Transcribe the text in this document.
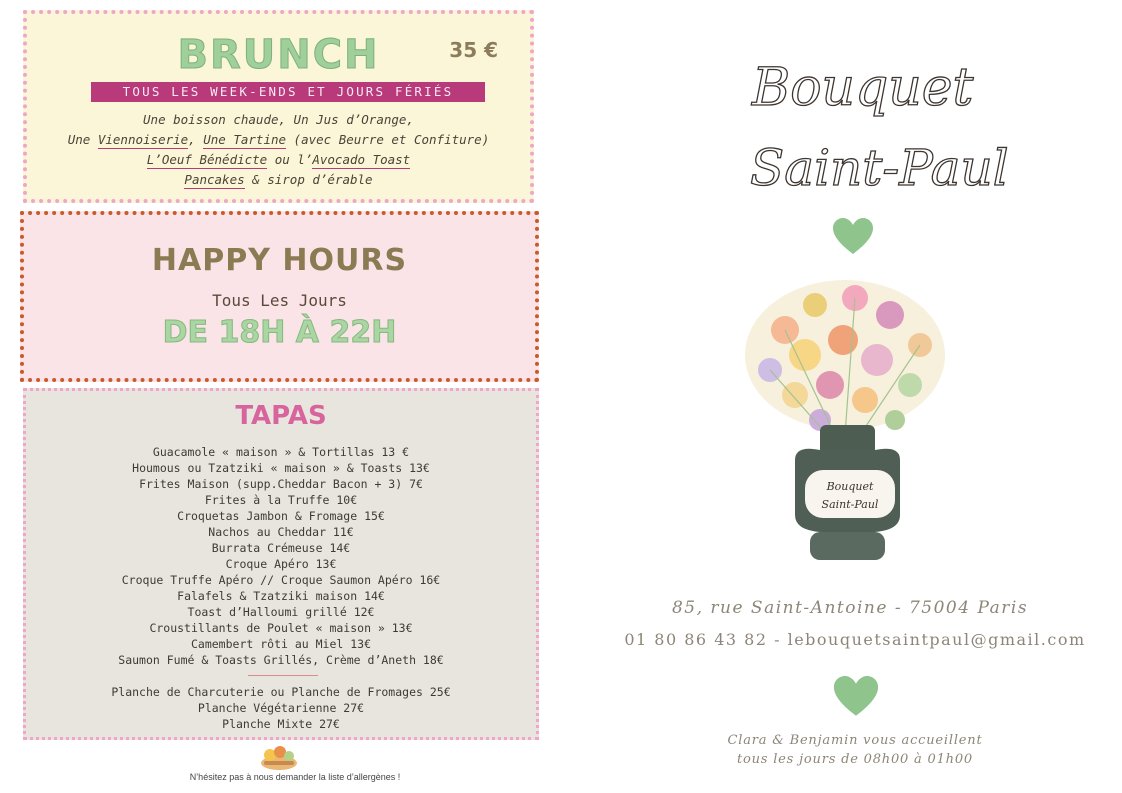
BRUNCH	35 €
TOUS LES WEEK-ENDS ET JOURS FÉRIÉS
Une boisson chaude, Un Jus d’Orange,
Une Viennoiserie, Une Tartine (avec Beurre et Confiture)
L’Oeuf Bénédicte ou l’Avocado Toast
Pancakes & sirop d’érable
HAPPY HOURS
Tous Les Jours
DE 18H À 22H
TAPAS
Guacamole « maison » & Tortillas 13 €
Houmous ou Tzatziki « maison » & Toasts 13€
Frites Maison (supp.Cheddar Bacon + 3) 7€
Frites à la Truffe 10€
Croquetas Jambon & Fromage 15€
Nachos au Cheddar 11€
Burrata Crémeuse 14€
Croque Apéro 13€
Croque Truffe Apéro // Croque Saumon Apéro 16€
Falafels & Tzatziki maison 14€
Toast d’Halloumi grillé 12€
Croustillants de Poulet « maison » 13€
Camembert rôti au Miel 13€
Saumon Fumé & Toasts Grillés, Crème d’Aneth 18€
Planche de Charcuterie ou Planche de Fromages 25€
Planche Végétarienne 27€
Planche Mixte 27€
N’hésitez pas à nous demander la liste d’allergènes !
Bouquet
Saint-Paul
Bouquet
Saint-Paul
85, rue Saint-Antoine - 75004 Paris
01 80 86 43 82 - lebouquetsaintpaul@gmail.com
Clara & Benjamin vous accueillent
tous les jours de 08h00 à 01h00
